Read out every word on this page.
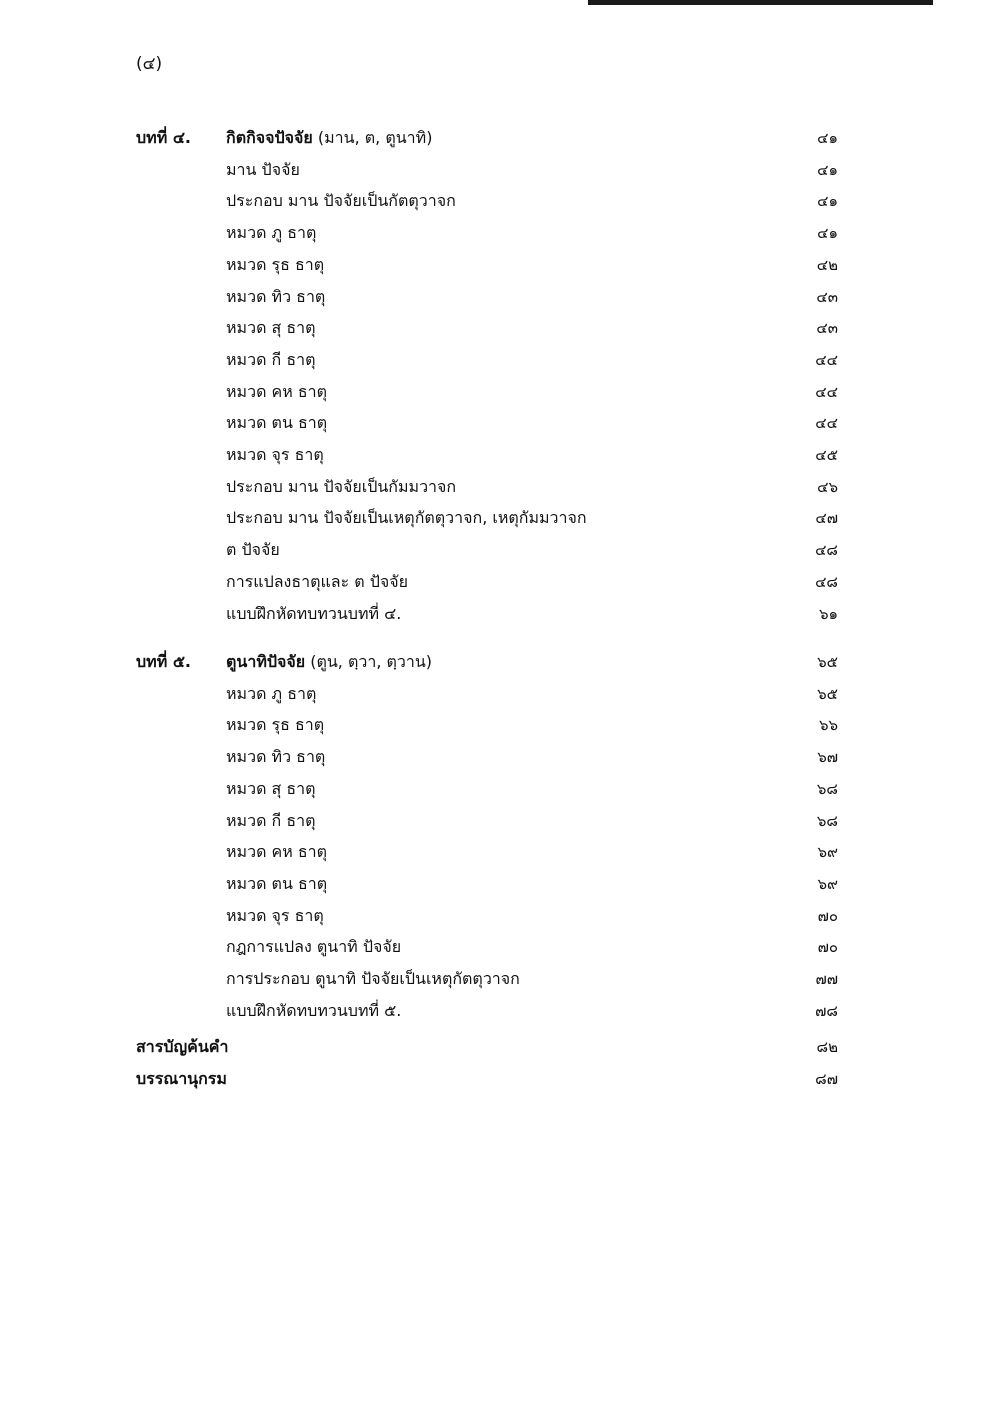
(๔)
บทที่ ๔. กิตกิจจปัจจัย (มาน, ต, ตูนาทิ)	๔๑
มาน ปัจจัย	๔๑
ประกอบ มาน ปัจจัยเป็นกัตตุวาจก	๔๑
หมวด ภู ธาตุ	๔๑
หมวด รุธ ธาตุ	๔๒
หมวด ทิว ธาตุ	๔๓
หมวด สุ ธาตุ	๔๓
หมวด กี ธาตุ	๔๔
หมวด คห ธาตุ	๔๔
หมวด ตน ธาตุ	๔๔
หมวด จุร ธาตุ	๔๕
ประกอบ มาน ปัจจัยเป็นกัมมวาจก	๔๖
ประกอบ มาน ปัจจัยเป็นเหตุกัตตุวาจก, เหตุกัมมวาจก	๔๗
ต ปัจจัย	๔๘
การแปลงธาตุและ ต ปัจจัย	๔๘
แบบฝึกหัดทบทวนบทที่ ๔.	๖๑
บทที่ ๕. ตูนาทิปัจจัย (ตูน, ตฺวา, ตฺวาน)	๖๕
หมวด ภู ธาตุ	๖๕
หมวด รุธ ธาตุ	๖๖
หมวด ทิว ธาตุ	๖๗
หมวด สุ ธาตุ	๖๘
หมวด กี ธาตุ	๖๘
หมวด คห ธาตุ	๖๙
หมวด ตน ธาตุ	๖๙
หมวด จุร ธาตุ	๗๐
กฎการแปลง ตูนาทิ ปัจจัย	๗๐
การประกอบ ตูนาทิ ปัจจัยเป็นเหตุกัตตุวาจก	๗๗
แบบฝึกหัดทบทวนบทที่ ๕.	๗๘
สารบัญค้นคำ	๘๒
บรรณานุกรม	๘๗
